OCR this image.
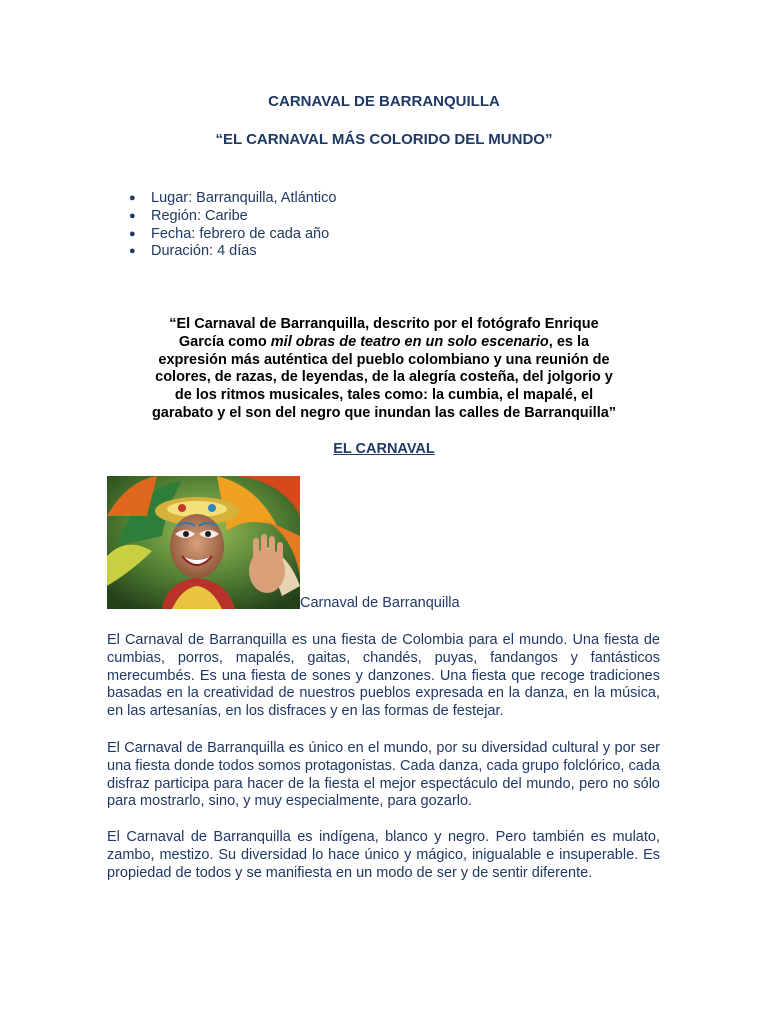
CARNAVAL DE BARRANQUILLA
“EL CARNAVAL MÁS COLORIDO DEL MUNDO”
● Lugar: Barranquilla, Atlántico
● Región: Caribe
● Fecha: febrero de cada año
● Duración: 4 días

“El Carnaval de Barranquilla, descrito por el fotógrafo Enrique García como mil obras de teatro en un solo escenario, es la expresión más auténtica del pueblo colombiano y una reunión de colores, de razas, de leyendas, de la alegría costeña, del jolgorio y de los ritmos musicales, tales como: la cumbia, el mapalé, el garabato y el son del negro que inundan las calles de Barranquilla”

EL CARNAVAL
Carnaval de Barranquilla

El Carnaval de Barranquilla es una fiesta de Colombia para el mundo. Una fiesta de cumbias, porros, mapalés, gaitas, chandés, puyas, fandangos y fantásticos merecumbés. Es una fiesta de sones y danzones. Una fiesta que recoge tradiciones basadas en la creatividad de nuestros pueblos expresada en la danza, en la música, en las artesanías, en los disfraces y en las formas de festejar.

El Carnaval de Barranquilla es único en el mundo, por su diversidad cultural y por ser una fiesta donde todos somos protagonistas. Cada danza, cada grupo folclórico, cada disfraz participa para hacer de la fiesta el mejor espectáculo del mundo, pero no sólo para mostrarlo, sino, y muy especialmente, para gozarlo.

El Carnaval de Barranquilla es indígena, blanco y negro. Pero también es mulato, zambo, mestizo. Su diversidad lo hace único y mágico, inigualable e insuperable. Es propiedad de todos y se manifiesta en un modo de ser y de sentir diferente.
